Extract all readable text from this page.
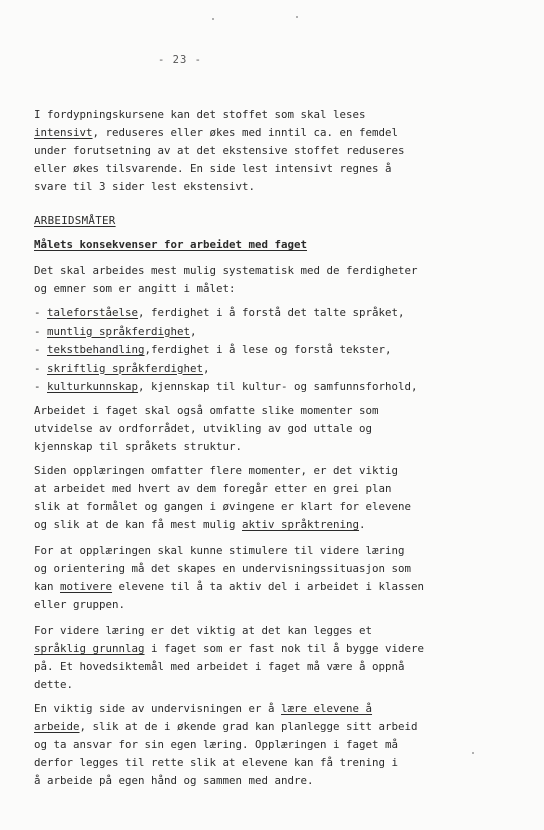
- 23 -

I fordypningskursene kan det stoffet som skal leses

intensivt, reduseres eller økes med inntil ca. en femdel

under forutsetning av at det ekstensive stoffet reduseres

eller økes tilsvarende. En side lest intensivt regnes å

svare til 3 sider lest ekstensivt.

ARBEIDSMÅTER
Målets konsekvenser for arbeidet med faget

Det skal arbeides mest mulig systematisk med de ferdigheter

og emner som er angitt i målet:

- taleforståelse, ferdighet i å forstå det talte språket,
- muntlig språkferdighet,
- tekstbehandling,ferdighet i å lese og forstå tekster,
- skriftlig språkferdighet,
- kulturkunnskap, kjennskap til kultur- og samfunnsforhold,

Arbeidet i faget skal også omfatte slike momenter som

utvidelse av ordforrådet, utvikling av god uttale og

kjennskap til språkets struktur.

Siden opplæringen omfatter flere momenter, er det viktig

at arbeidet med hvert av dem foregår etter en grei plan

slik at formålet og gangen i øvingene er klart for elevene

og slik at de kan få mest mulig aktiv språktrening.

For at opplæringen skal kunne stimulere til videre læring

og orientering må det skapes en undervisningssituasjon som

kan motivere elevene til å ta aktiv del i arbeidet i klassen

eller gruppen.

For videre læring er det viktig at det kan legges et

språklig grunnlag i faget som er fast nok til å bygge videre

på. Et hovedsiktemål med arbeidet i faget må være å oppnå

dette.

En viktig side av undervisningen er å lære elevene å

arbeide, slik at de i økende grad kan planlegge sitt arbeid

og ta ansvar for sin egen læring. Opplæringen i faget må

derfor legges til rette slik at elevene kan få trening i

å arbeide på egen hånd og sammen med andre.
